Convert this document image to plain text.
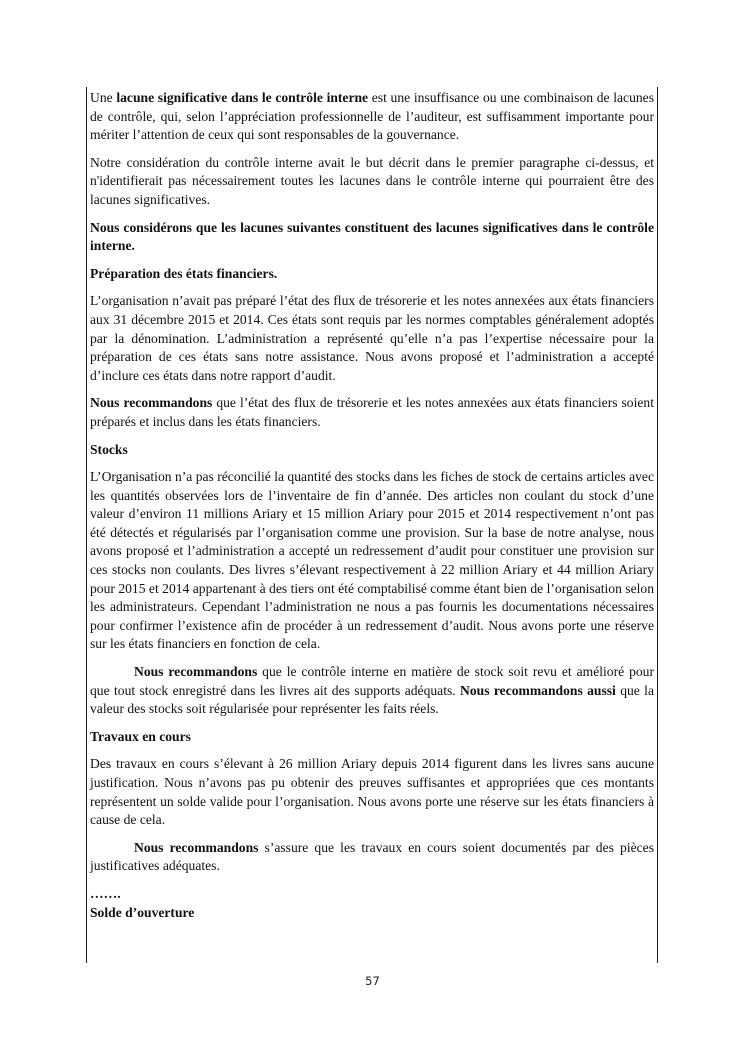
Une lacune significative dans le contrôle interne est une insuffisance ou une combinaison de lacunes de contrôle, qui, selon l’appréciation professionnelle de l’auditeur, est suffisamment importante pour mériter l’attention de ceux qui sont responsables de la gouvernance.

Notre considération du contrôle interne avait le but décrit dans le premier paragraphe ci-dessus, et n'identifierait pas nécessairement toutes les lacunes dans le contrôle interne qui pourraient être des lacunes significatives.

Nous considérons que les lacunes suivantes constituent des lacunes significatives dans le contrôle interne.

Préparation des états financiers.

L’organisation n’avait pas préparé l’état des flux de trésorerie et les notes annexées aux états financiers aux 31 décembre 2015 et 2014. Ces états sont requis par les normes comptables généralement adoptés par la dénomination. L’administration a représenté qu’elle n’a pas l’expertise nécessaire pour la préparation de ces états sans notre assistance. Nous avons proposé et l’administration a accepté d’inclure ces états dans notre rapport d’audit.

Nous recommandons que l’état des flux de trésorerie et les notes annexées aux états financiers soient préparés et inclus dans les états financiers.

Stocks

L’Organisation n’a pas réconcilié la quantité des stocks dans les fiches de stock de certains articles avec les quantités observées lors de l’inventaire de fin d’année. Des articles non coulant du stock d’une valeur d’environ 11 millions Ariary et 15 million Ariary pour 2015 et 2014 respectivement n’ont pas été détectés et régularisés par l’organisation comme une provision. Sur la base de notre analyse, nous avons proposé et l’administration a accepté un redressement d’audit pour constituer une provision sur ces stocks non coulants. Des livres s’élevant respectivement à 22 million Ariary et 44 million Ariary pour 2015 et 2014 appartenant à des tiers ont été comptabilisé comme étant bien de l’organisation selon les administrateurs. Cependant l’administration ne nous a pas fournis les documentations nécessaires pour confirmer l’existence afin de procéder à un redressement d’audit. Nous avons porte une réserve sur les états financiers en fonction de cela.

Nous recommandons que le contrôle interne en matière de stock soit revu et amélioré pour que tout stock enregistré dans les livres ait des supports adéquats. Nous recommandons aussi que la valeur des stocks soit régularisée pour représenter les faits réels.

Travaux en cours

Des travaux en cours s’élevant à 26 million Ariary depuis 2014 figurent dans les livres sans aucune justification. Nous n’avons pas pu obtenir des preuves suffisantes et appropriées que ces montants représentent un solde valide pour l’organisation. Nous avons porte une réserve sur les états financiers à cause de cela.

Nous recommandons s’assure que les travaux en cours soient documentés par des pièces justificatives adéquates.

…….

Solde d’ouverture

57
